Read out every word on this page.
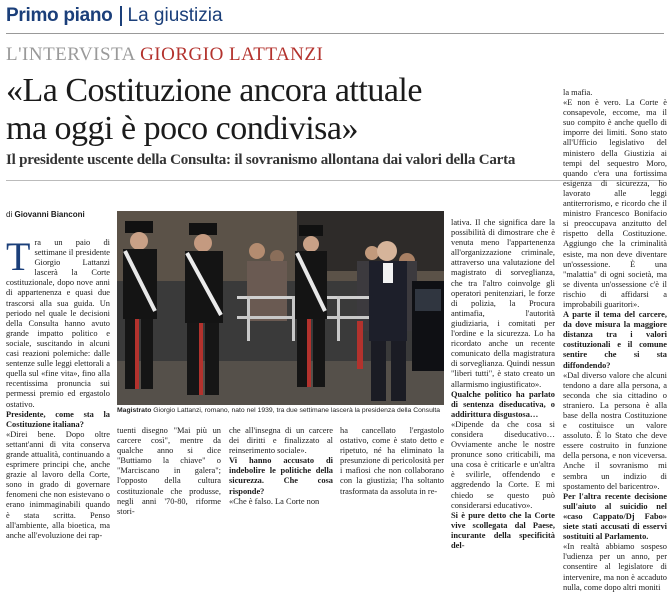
Primo piano La giustizia
L'INTERVISTA GIORGIO LATTANZI
«La Costituzione ancora attuale
ma oggi è poco condivisa»
Il presidente uscente della Consulta: il sovranismo allontana dai valori della Carta
di Giovanni Bianconi
T ra un paio di settimane il presidente Giorgio Lattanzi lascerà la Corte costituzionale, dopo nove anni di appartenenza e quasi due trascorsi alla sua guida. Un periodo nel quale le decisioni della Consulta hanno avuto grande impatto politico e sociale, suscitando in alcuni casi reazioni polemiche: dalle sentenze sulle leggi elettorali a quella sul «fine vita», fino alla recentissima pronuncia sui permessi premio ed ergastolo ostativo.

Presidente, come sta la Costituzione italiana?

«Direi bene. Dopo oltre settant'anni di vita conserva grande attualità, continuando a esprimere principi che, anche grazie al lavoro della Corte, sono in grado di governare fenomeni che non esistevano o erano inimmaginabili quando è stata scritta. Penso all'ambiente, alla bioetica, ma anche all'evoluzione dei rap-

Magistrato Giorgio Lattanzi, romano, nato nel 1939, tra due settimane lascerà la presidenza della Consulta

tuenti disegno "Mai più un carcere così", mentre da qualche anno si dice "Buttiamo la chiave" o "Marciscano in galera"; l'opposto della cultura costituzionale che produsse, negli anni '70-80, riforme stori-

che all'insegna di un carcere dei diritti e finalizzato al reinserimento sociale».

Vi hanno accusato di indebolire le politiche della sicurezza. Che cosa risponde?

«Che è falso. La Corte non

ha cancellato l'ergastolo ostativo, come è stato detto e ripetuto, né ha eliminato la presunzione di pericolosità per i mafiosi che non collaborano con la giustizia; l'ha soltanto trasformata da assoluta in re-

lativa. Il che significa dare la possibilità di dimostrare che è venuta meno l'appartenenza all'organizzazione criminale, attraverso una valutazione del magistrato di sorveglianza, che tra l'altro coinvolge gli operatori penitenziari, le forze di polizia, la Procura antimafia, l'autorità giudiziaria, i comitati per l'ordine e la sicurezza. Lo ha ricordato anche un recente comunicato della magistratura di sorveglianza. Quindi nessun "liberi tutti", è stato creato un allarmismo ingiustificato».

Qualche politico ha parlato di sentenza diseducativa, o addirittura disgustosa…

«Dipende da che cosa si considera diseducativo… Ovviamente anche le nostre pronunce sono criticabili, ma una cosa è criticarle e un'altra è svilirle, offendendo e aggredendo la Corte. E mi chiedo se questo può considerarsi educativo».

Si è pure detto che la Corte vive scollegata dal Paese, incurante della specificità del-

la mafia.

«E non è vero. La Corte è consapevole, eccome, ma il suo compito è anche quello di imporre dei limiti. Sono stato all'Ufficio legislativo del ministero della Giustizia ai tempi del sequestro Moro, quando c'era una fortissima esigenza di sicurezza, ho lavorato alle leggi antiterrorismo, e ricordo che il ministro Francesco Bonifacio si preoccupava anzitutto del rispetto della Costituzione. Aggiungo che la criminalità esiste, ma non deve diventare un'ossessione. È una "malattia" di ogni società, ma se diventa un'ossessione c'è il rischio di affidarsi a improbabili guaritori».

A parte il tema del carcere, da dove misura la maggiore distanza tra i valori costituzionali e il comune sentire che si sta diffondendo?

«Dal diverso valore che alcuni tendono a dare alla persona, a seconda che sia cittadino o straniero. La persona è alla base della nostra Costituzione e costituisce un valore assoluto. È lo Stato che deve essere costruito in funzione della persona, e non viceversa. Anche il sovranismo mi sembra un indizio di spostamento del baricentro».

Per l'altra recente decisione sull'aiuto al suicidio nel «caso Cappato/Dj Fabo» siete stati accusati di esservi sostituiti al Parlamento.

«In realtà abbiamo sospeso l'udienza per un anno, per consentire al legislatore di intervenire, ma non è accaduto nulla, come dopo altri moniti
